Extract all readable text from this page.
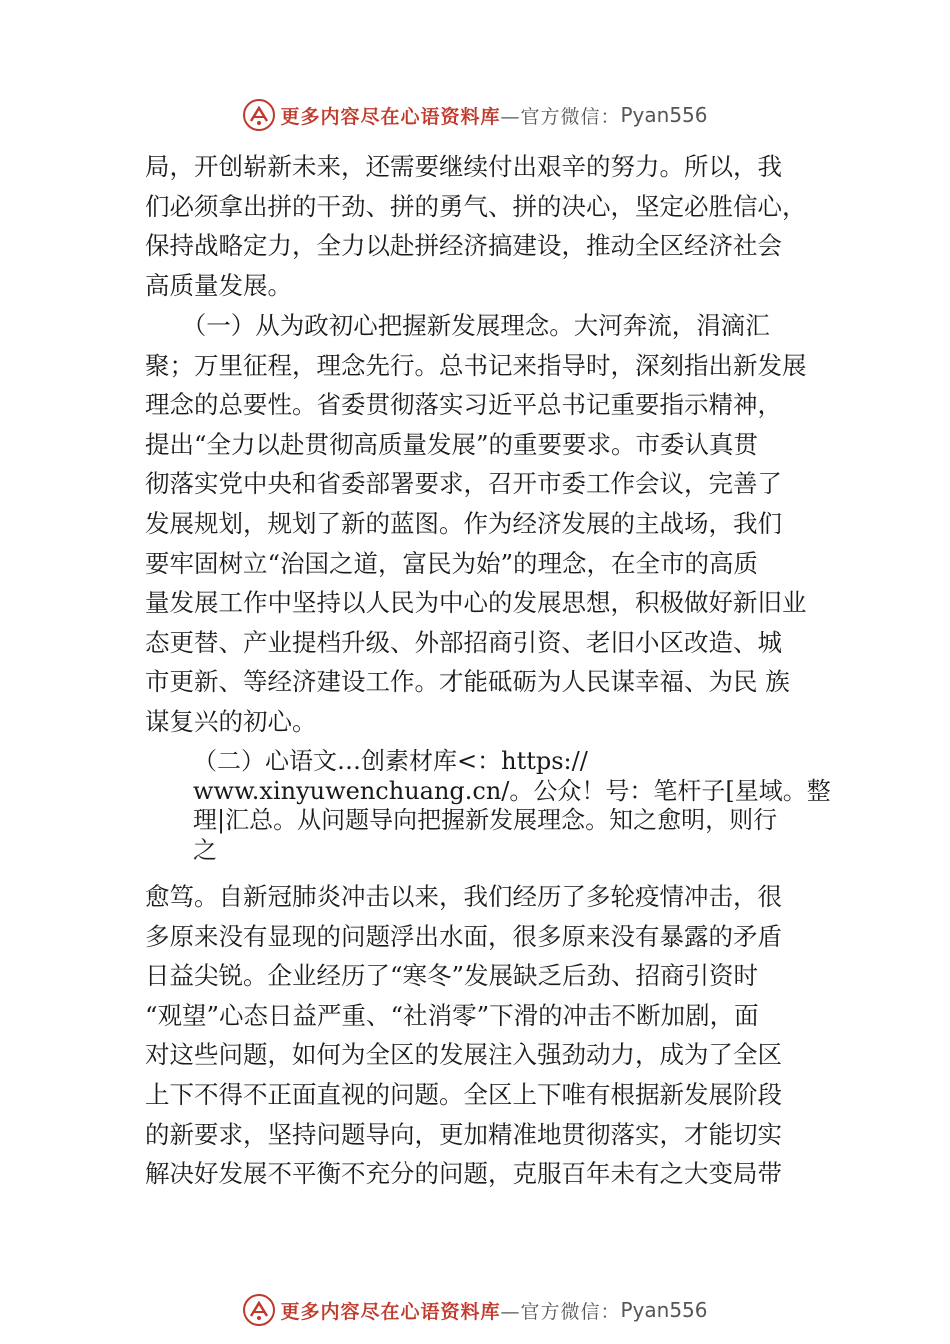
更多内容尽在心语资料库 —官方微信： Pyan556
局，开创崭新未来，还需要继续付出艰辛的努力。所以，我
们必须拿出拼的干劲、拼的勇气、拼的决心，坚定必胜信心，
保持战略定力，全力以赴拼经济搞建设，推动全区经济社会
高质量发展。
　　（一）从为政初心把握新发展理念。大河奔流，涓滴汇
聚；万里征程，理念先行。总书记来指导时，深刻指出新发展
理念的总要性。省委贯彻落实习近平总书记重要指示精神，
提出“全力以赴贯彻高质量发展”的重要要求。市委认真贯
彻落实党中央和省委部署要求，召开市委工作会议，完善了
发展规划，规划了新的蓝图。作为经济发展的主战场，我们
要牢固树立“治国之道，富民为始”的理念，在全市的高质
量发展工作中坚持以人民为中心的发展思想，积极做好新旧业
态更替、产业提档升级、外部招商引资、老旧小区改造、城
市更新、等经济建设工作。才能砥砺为人民谋幸福、为民 族
谋复兴的初心。
（二）心语文…创素材库<：https://
www.xinyuwenchuang.cn/。公众！号：笔杆子[星域。整
理|汇总。从问题导向把握新发展理念。知之愈明，则行
之
愈笃。自新冠肺炎冲击以来，我们经历了多轮疫情冲击，很
多原来没有显现的问题浮出水面，很多原来没有暴露的矛盾
日益尖锐。企业经历了“寒冬”发展缺乏后劲、招商引资时
“观望”心态日益严重、“社消零”下滑的冲击不断加剧，面
对这些问题，如何为全区的发展注入强劲动力，成为了全区
上下不得不正面直视的问题。全区上下唯有根据新发展阶段
的新要求，坚持问题导向，更加精准地贯彻落实，才能切实
解决好发展不平衡不充分的问题，克服百年未有之大变局带
更多内容尽在心语资料库 —官方微信： Pyan556
